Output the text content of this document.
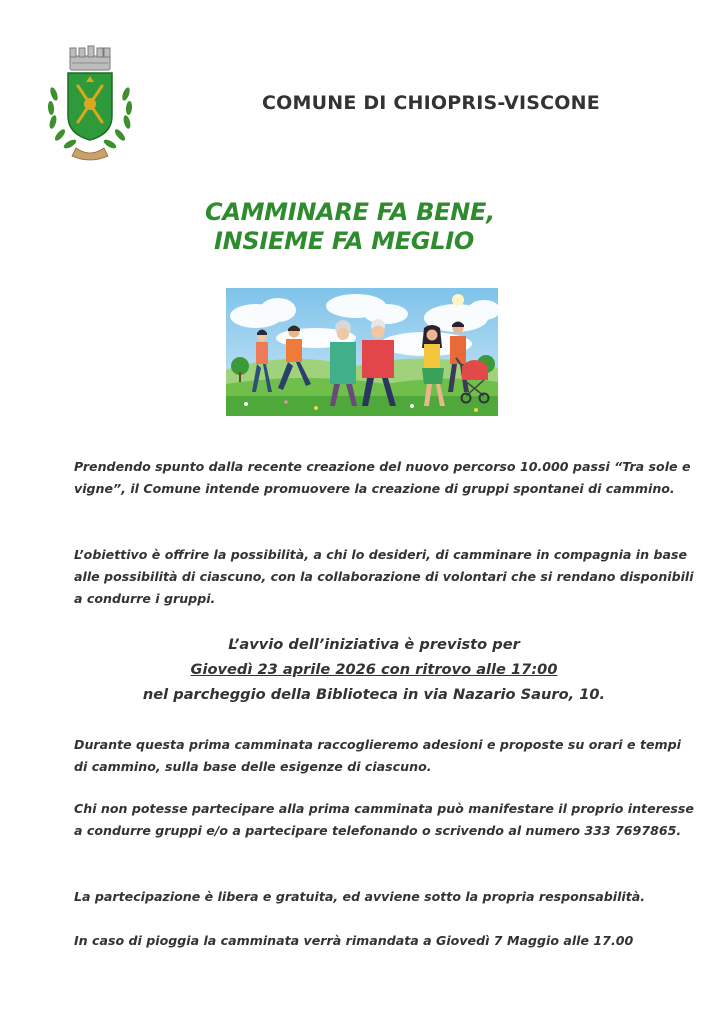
COMUNE DI CHIOPRIS-VISCONE
CAMMINARE FA BENE,
INSIEME FA MEGLIO
Prendendo spunto dalla recente creazione del nuovo percorso 10.000 passi “Tra sole e vigne”, il Comune intende promuovere la creazione di gruppi spontanei di cammino.
L’obiettivo è offrire la possibilità, a chi lo desideri, di camminare in compagnia in base alle possibilità di ciascuno, con la collaborazione di volontari che si rendano disponibili a condurre i gruppi.
L’avvio dell’iniziativa è previsto per
Giovedì 23 aprile 2026 con ritrovo alle 17:00
nel parcheggio della Biblioteca in via Nazario Sauro, 10.
Durante questa prima camminata raccoglieremo adesioni e proposte su orari e tempi di cammino, sulla base delle esigenze di ciascuno.
Chi non potesse partecipare alla prima camminata può manifestare il proprio interesse a condurre gruppi e/o a partecipare telefonando o scrivendo al numero 333 7697865.
La partecipazione è libera e gratuita, ed avviene sotto la propria responsabilità.
In caso di pioggia la camminata verrà rimandata a Giovedì 7 Maggio alle 17.00
